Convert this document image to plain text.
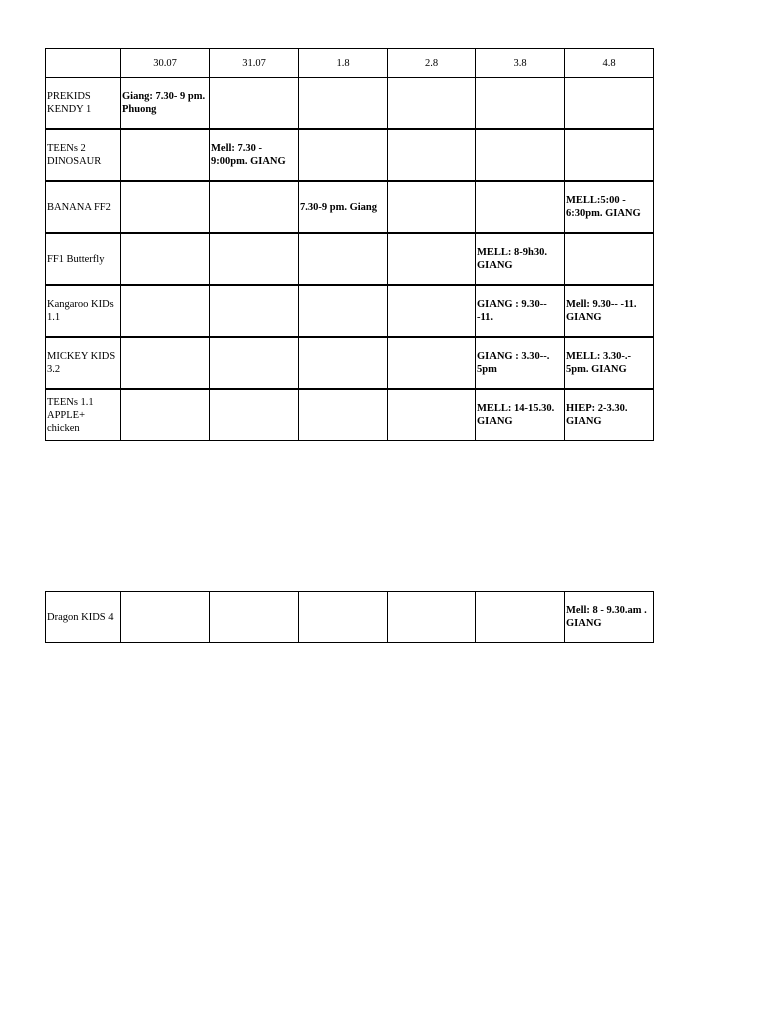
	30.07	31.07	1.8	2.8	3.8	4.8
PREKIDS KENDY 1	Giang: 7.30- 9 pm. Phuong					
TEENs 2 DINOSAUR		Mell: 7.30 - 9:00pm. GIANG				
BANANA FF2			7.30-9 pm. Giang			MELL:5:00 - 6:30pm. GIANG
FF1 Butterfly					MELL: 8-9h30. GIANG	
Kangaroo KIDs 1.1					GIANG : 9.30-- -11.	Mell: 9.30-- -11. GIANG
MICKEY KIDS 3.2					GIANG : 3.30--. 5pm	MELL: 3.30-.- 5pm. GIANG
TEENs 1.1 APPLE+ chicken					MELL: 14-15.30. GIANG	HIEP: 2-3.30. GIANG
Dragon KIDS 4						Mell: 8 - 9.30.am . GIANG
